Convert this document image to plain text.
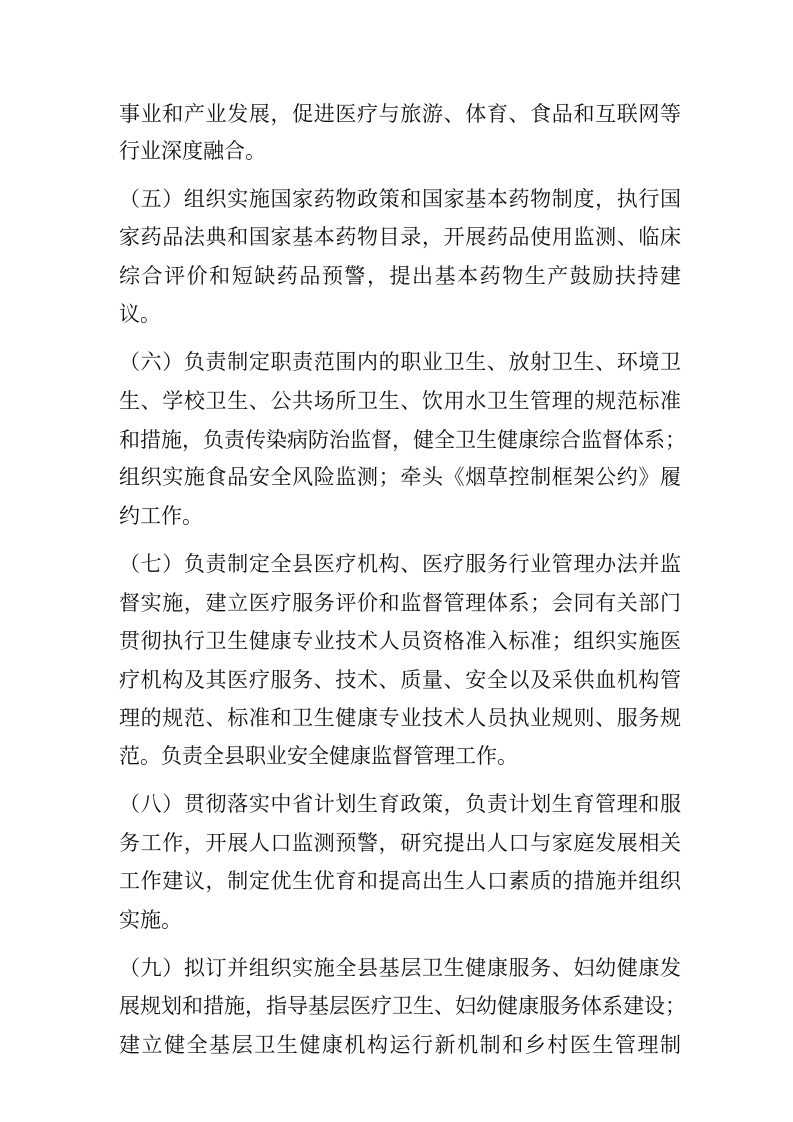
事业和产业发展，促进医疗与旅游、体育、食品和互联网等
行业深度融合。
（五）组织实施国家药物政策和国家基本药物制度，执行国
家药品法典和国家基本药物目录，开展药品使用监测、临床
综合评价和短缺药品预警，提出基本药物生产鼓励扶持建
议。
（六）负责制定职责范围内的职业卫生、放射卫生、环境卫
生、学校卫生、公共场所卫生、饮用水卫生管理的规范标准
和措施，负责传染病防治监督，健全卫生健康综合监督体系；
组织实施食品安全风险监测；牵头《烟草控制框架公约》履
约工作。
（七）负责制定全县医疗机构、医疗服务行业管理办法并监
督实施，建立医疗服务评价和监督管理体系；会同有关部门
贯彻执行卫生健康专业技术人员资格准入标准；组织实施医
疗机构及其医疗服务、技术、质量、安全以及采供血机构管
理的规范、标准和卫生健康专业技术人员执业规则、服务规
范。负责全县职业安全健康监督管理工作。
（八）贯彻落实中省计划生育政策，负责计划生育管理和服
务工作，开展人口监测预警，研究提出人口与家庭发展相关
工作建议，制定优生优育和提高出生人口素质的措施并组织
实施。
（九）拟订并组织实施全县基层卫生健康服务、妇幼健康发
展规划和措施，指导基层医疗卫生、妇幼健康服务体系建设；
建立健全基层卫生健康机构运行新机制和乡村医生管理制
